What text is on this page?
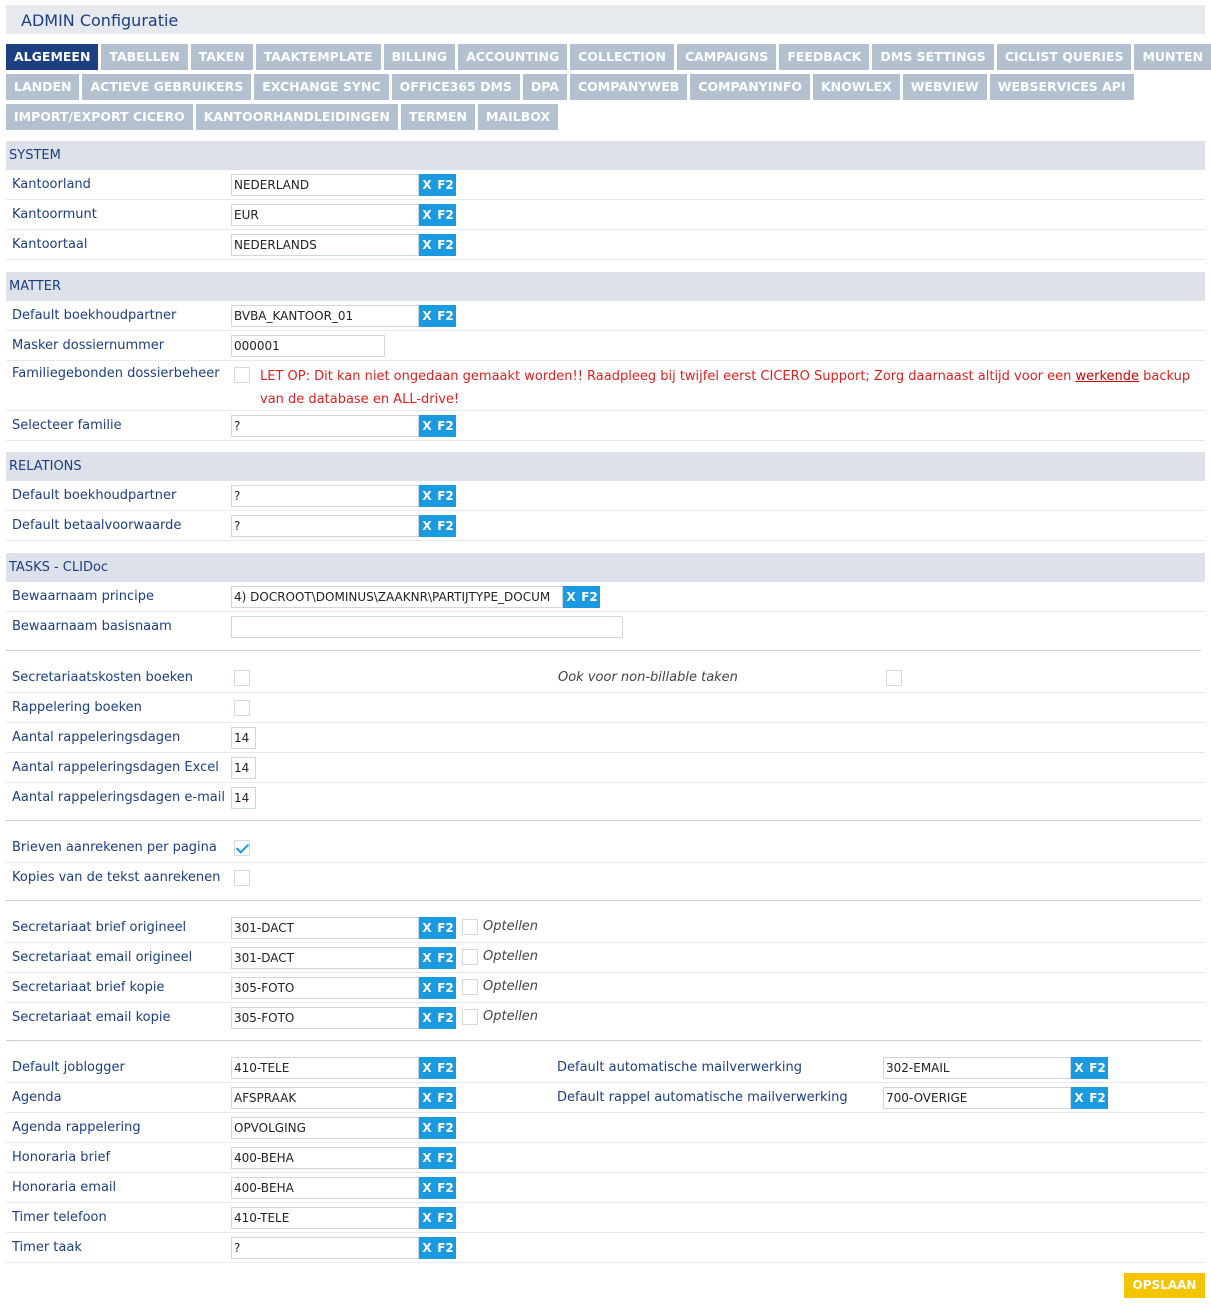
ADMIN Configuratie
ALGEMEEN	TABELLEN	TAKEN	TAAKTEMPLATE	BILLING	ACCOUNTING	COLLECTION	CAMPAIGNS	FEEDBACK	DMS SETTINGS	CICLIST QUERIES	MUNTEN
LANDEN	ACTIEVE GEBRUIKERS	EXCHANGE SYNC	OFFICE365 DMS	DPA	COMPANYWEB	COMPANYINFO	KNOWLEX	WEBVIEW	WEBSERVICES API
IMPORT/EXPORT CICERO	KANTOORHANDLEIDINGEN	TERMEN	MAILBOX
SYSTEM
Kantoorland	NEDERLAND	X F2
Kantoormunt	EUR	X F2
Kantoortaal	NEDERLANDS	X F2
MATTER
Default boekhoudpartner	BVBA_KANTOOR_01	X F2
Masker dossiernummer	000001
Familiegebonden dossierbeheer	LET OP: Dit kan niet ongedaan gemaakt worden!! Raadpleeg bij twijfel eerst CICERO Support; Zorg daarnaast altijd voor een werkende backup van de database en ALL-drive!
Selecteer familie	?	X F2
RELATIONS
Default boekhoudpartner	?	X F2
Default betaalvoorwaarde	?	X F2
TASKS - CLIDoc
Bewaarnaam principe	4) DOCROOT\DOMINUS\ZAAKNR\PARTIJTYPE_DOCUM	X F2
Bewaarnaam basisnaam
Secretariaatskosten boeken	Ook voor non-billable taken
Rappelering boeken
Aantal rappeleringsdagen	14
Aantal rappeleringsdagen Excel 14
Aantal rappeleringsdagen e-mail 14
Brieven aanrekenen per pagina
Kopies van de tekst aanrekenen
Secretariaat brief origineel	301-DACT	X F2 Optellen
Secretariaat email origineel	301-DACT	X F2 Optellen
Secretariaat brief kopie	305-FOTO	X F2 Optellen
Secretariaat email kopie	305-FOTO	X F2 Optellen
Default joblogger	410-TELE	X F2	Default automatische mailverwerking	302-EMAIL	X F2
Agenda	AFSPRAAK	X F2	Default rappel automatische mailverwerking	700-OVERIGE	X F2
Agenda rappelering	OPVOLGING	X F2
Honoraria brief	400-BEHA	X F2
Honoraria email	400-BEHA	X F2
Timer telefoon	410-TELE	X F2
Timer taak	?	X F2
OPSLAAN
